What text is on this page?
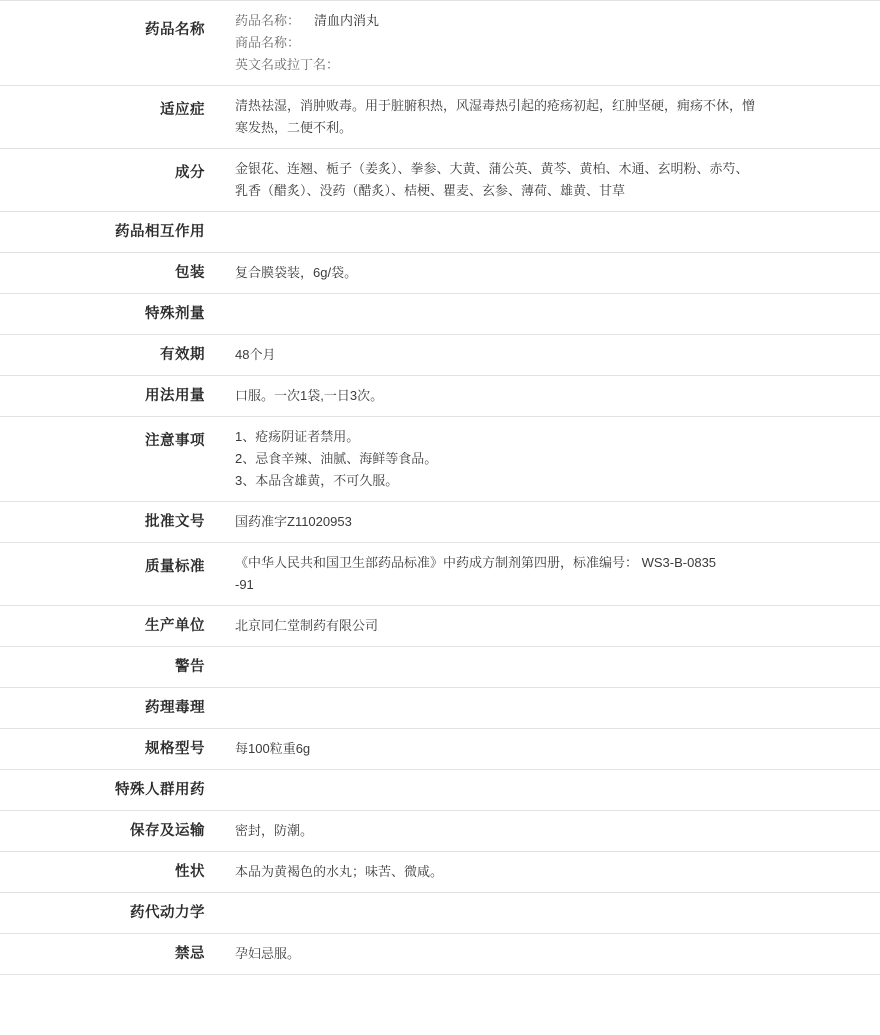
药品名称	药品名称： 清血内消丸
商品名称：
英文名或拉丁名：

适应症	清热祛湿，消肿败毒。用于脏腑积热，风湿毒热引起的疮疡初起，红肿坚硬，痈疡不休，憎
寒发热，二便不利。

成分	金银花、连翘、栀子（姜炙）、拳参、大黄、蒲公英、黄芩、黄柏、木通、玄明粉、赤芍、
乳香（醋炙）、没药（醋炙）、桔梗、瞿麦、玄参、薄荷、雄黄、甘草

药品相互作用	
包装	复合膜袋装，6g/袋。

特殊剂量	
有效期	48个月

用法用量	口服。一次1袋,一日3次。

注意事项	1、疮疡阴证者禁用。
2、忌食辛辣、油腻、海鲜等食品。
3、本品含雄黄，不可久服。

批准文号	国药准字Z11020953

质量标准	《中华人民共和国卫生部药品标准》中药成方制剂第四册，标准编号： WS3-B-0835
-91

生产单位	北京同仁堂制药有限公司

警告	
药理毒理	
规格型号	每100粒重6g

特殊人群用药	
保存及运输	密封，防潮。

性状	本品为黄褐色的水丸；味苦、微咸。

药代动力学	
禁忌	孕妇忌服。
